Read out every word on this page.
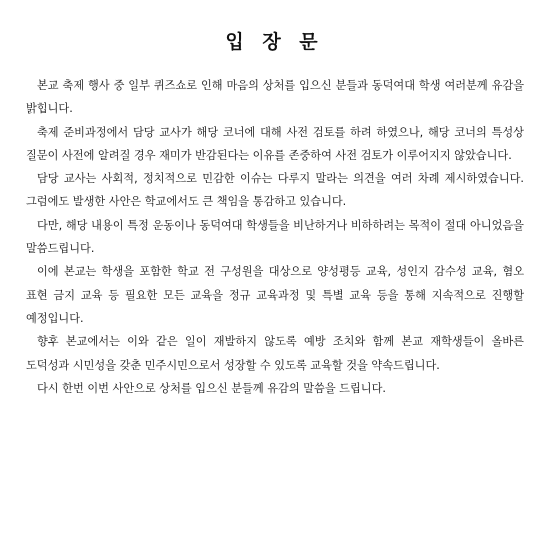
입 장 문

본교 축제 행사 중 일부 퀴즈쇼로 인해 마음의 상처를 입으신 분들과 동덕여대 학생 여러분께 유감을 밝힙니다.

축제 준비과정에서 담당 교사가 해당 코너에 대해 사전 검토를 하려 하였으나, 해당 코너의 특성상 질문이 사전에 알려질 경우 재미가 반감된다는 이유를 존중하여 사전 검토가 이루어지지 않았습니다.

담당 교사는 사회적, 정치적으로 민감한 이슈는 다루지 말라는 의견을 여러 차례 제시하였습니다. 그럼에도 발생한 사안은 학교에서도 큰 책임을 통감하고 있습니다.

다만, 해당 내용이 특정 운동이나 동덕여대 학생들을 비난하거나 비하하려는 목적이 절대 아니었음을 말씀드립니다.

이에 본교는 학생을 포함한 학교 전 구성원을 대상으로 양성평등 교육, 성인지 감수성 교육, 혐오 표현 금지 교육 등 필요한 모든 교육을 정규 교육과정 및 특별 교육 등을 통해 지속적으로 진행할 예정입니다.

향후 본교에서는 이와 같은 일이 재발하지 않도록 예방 조치와 함께 본교 재학생들이 올바른 도덕성과 시민성을 갖춘 민주시민으로서 성장할 수 있도록 교육할 것을 약속드립니다.

다시 한번 이번 사안으로 상처를 입으신 분들께 유감의 말씀을 드립니다.
